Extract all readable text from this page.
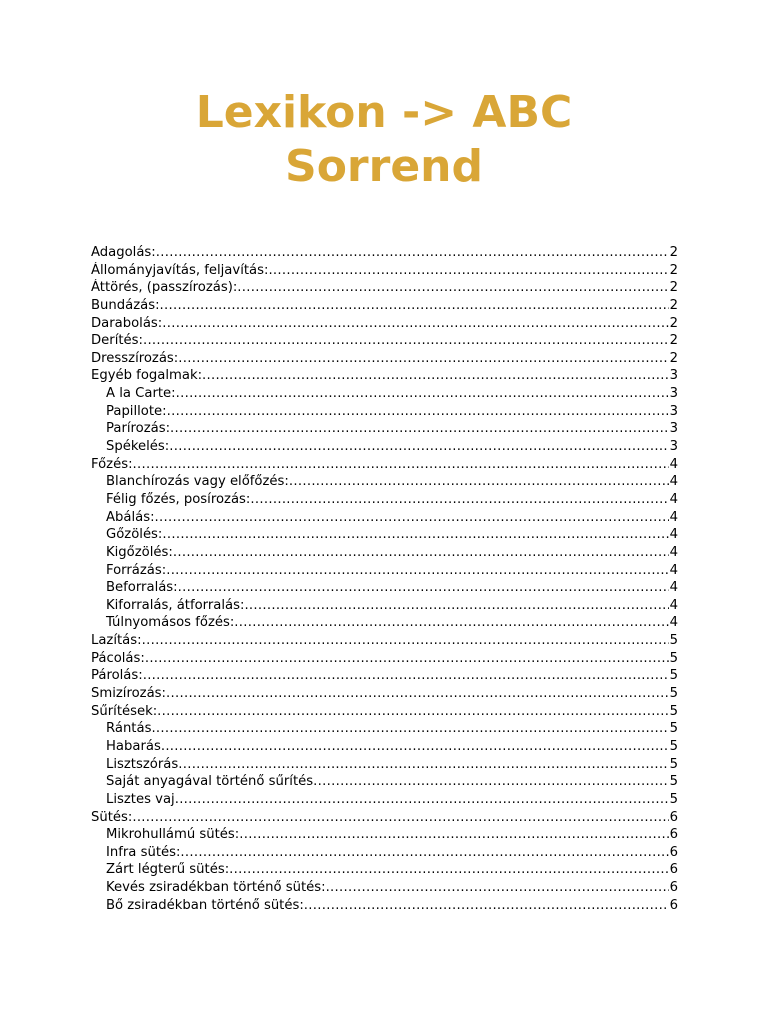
Lexikon -> ABC
Sorrend
Adagolás: .....	2
Állományjavítás, feljavítás: .....	2
Áttörés, (passzírozás): .....	2
Bundázás: .....	2
Darabolás: .....	2
Derítés: .....	2
Dresszírozás: .....	2
Egyéb fogalmak: .....	3
A la Carte: .....	3
Papillote: .....	3
Parírozás: .....	3
Spékelés: .....	3
Főzés: .....	4
Blanchírozás vagy előfőzés: .....	4
Félig főzés, posírozás: .....	4
Abálás: .....	4
Gőzölés: .....	4
Kigőzölés: .....	4
Forrázás: .....	4
Beforralás: .....	4
Kiforralás, átforralás: .....	4
Túlnyomásos főzés: .....	4
Lazítás: .....	5
Pácolás: .....	5
Párolás: .....	5
Smizírozás: .....	5
Sűrítések: .....	5
Rántás .....	5
Habarás .....	5
Lisztszórás .....	5
Saját anyagával történő sűrítés .....	5
Lisztes vaj .....	5
Sütés: .....	6
Mikrohullámú sütés: .....	6
Infra sütés: .....	6
Zárt légterű sütés: .....	6
Kevés zsiradékban történő sütés: .....	6
Bő zsiradékban történő sütés: .....	6
